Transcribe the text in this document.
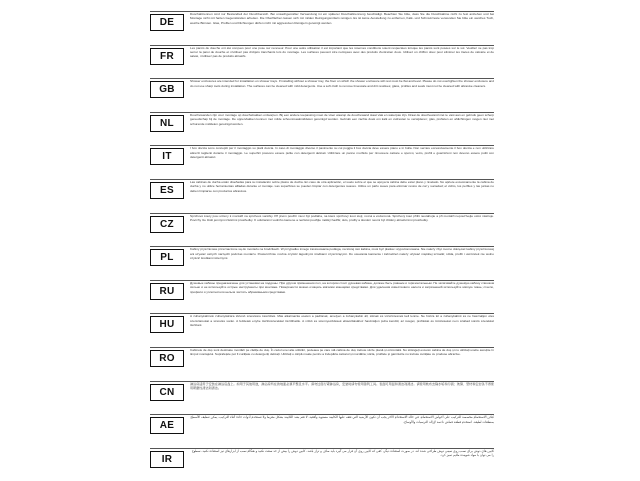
DE
Duschabtrennen sind nur Bestandteil der Duschbereich. Bei unsachgemäßer Verwendung ist ein späterer Duschabtrennung beschädigt. Beachten Sie bitte, dass Sie die Duschkabine nicht zu fest anziehen und bei Montage nicht mit harten Gegenständen arbeiten. Die Oberflächen lassen sich mit milden Reinigungsmitteln reinigen. Es ist keine Ausstellung zu entfernen, Kalk- und Schmutzreste verwenden Sie bitte ein weiches Tuch, weiche Bürsten. Glas, Profilen und Dichtungen dürfen nicht mit aggressiven Reinigern gereinigt werden.
FR
Les parois de douche ont été conçues pour une pose sur receveur. Pour une autre utilisation il est important que les réserves conditions soient respectées lorsque les parois sont posées sur le sol. Veuillez ne pas trop serrer la paroi de douche et n'utilisez pas d'objets tranchants lors du montage. Les surfaces peuvent être nettoyées avec des produits d'entretien doux. Utilisez un chiffon doux pour éliminer les traces de calcaire et de saleté, n'utilisez pas de produits abrasifs.
GB
Shower enclosures are intended for installation on shower trays. If installing without a shower tray, the floor on which the shower enclosure will rest must be flat and level. Please do not overtighten the shower enclosure and do not use sharp tools during installation. The surfaces can be cleaned with mild detergents. Use a soft cloth to remove limescale and dirt residues; glass, profiles and seals must not be cleaned with abrasive cleaners.
NL
Douchewanden zijn voor montage op douchebakken ontworpen. Bij een andere toepassing moet de vloer waarop de douchewand staat vlak en waterpas zijn. Draai de douchewand niet te vast aan en gebruik geen scherp gereedschap bij de montage. De oppervlakken kunnen met milde schoonmaakmiddelen gereinigd worden. Gebruik een zachte doek om kalk en vuilresten te verwijderen; glas, profielen en afdichtingen mogen niet met schurende middelen gereinigd worden.
IT
I box doccia sono concepiti per il montaggio su piatti doccia. In caso di montaggio diverso il pavimento su cui poggia il box doccia deve essere piano e in bolla. Non serrare eccessivamente il box doccia e non utilizzare attrezzi taglienti durante il montaggio. Le superfici possono essere pulite con detergenti delicati. Utilizzare un panno morbido per rimuovere calcare e sporco; vetro, profili e guarnizioni non devono essere puliti con detergenti abrasivi.
ES
Las cabinas de ducha están diseñadas para su instalación sobre platos de ducha. En caso de otra aplicación, el suelo sobre el que se apoya la cabina debe estar plano y nivelado. No apriete excesivamente la cabina de ducha y no utilice herramientas afiladas durante el montaje. Las superficies se pueden limpiar con detergentes suaves. Utilice un paño suave para eliminar restos de cal y suciedad; el vidrio, los perfiles y las juntas no deben limpiarse con productos abrasivos.
CZ
Sprchové kouty jsou určeny k montáži na sprchové vaničky. Při jiném použití musí být podlaha, na které sprchový kout stojí, rovná a vodorovná. Sprchový kout příliš neutahujte a při montáži nepoužívejte ostré nástroje. Povrchy lze čistit jemnými čisticími prostředky. K odstranění vodního kamene a nečistot použijte měkký hadřík; sklo, profily a těsnění nesmí být čištěny abrazivními prostředky.
PL
Kabiny prysznicowe przeznaczone są do montażu na brodzikach. W przypadku innego zastosowania podłoga, na której stoi kabina, musi być płaska i wypoziomowana. Nie należy zbyt mocno dokręcać kabiny prysznicowej ani używać ostrych narzędzi podczas montażu. Powierzchnie można czyścić łagodnymi środkami czyszczącymi. Do usuwania kamienia i zabrudzeń należy używać miękkiej szmatki; szkła, profili i uszczelek nie wolno czyścić środkami ściernymi.
RU
Душевые кабины предназначены для установки на поддоны. При другом применении пол, на котором стоит душевая кабина, должен быть ровным и горизонтальным. Не затягивайте душевую кабину слишком сильно и не используйте острые инструменты при монтаже. Поверхности можно очищать мягкими моющими средствами. Для удаления известкового налета и загрязнений используйте мягкую ткань; стекло, профили и уплотнители нельзя чистить абразивными средствами.
HU
A zuhanykabinok zuhanytálcára történő szerelésre készültek. Más alkalmazás esetén a padlónak, amelyen a zuhanykabin áll, síknak és vízszintesnek kell lennie. Ne húzza túl a zuhanykabint és ne használjon éles szerszámokat a szerelés során. A felületek enyhe tisztítószerekkel tisztíthatók. A vízkő és szennyeződések eltávolításához használjon puha kendőt; az üveget, profilokat és tömítéseket nem szabad súroló szerekkel tisztítani.
RO
Cabinele de duș sunt destinate montării pe cădițe de duș. În cazul unei alte utilizări, podeaua pe care stă cabina de duș trebuie să fie plană și orizontală. Nu strângeți excesiv cabina de duș și nu utilizați unelte ascuțite în timpul montajului. Suprafețele pot fi curățate cu detergenți delicați. Utilizați o cârpă moale pentru a îndepărta calcarul și murdăria; sticla, profilele și garniturile nu trebuie curățate cu produse abrazive.
CN
淋浴房适用于安装在淋浴底盘上。如用于其他用途，淋浴房所在的地面必须平整且水平。请勿过度拧紧淋浴房，安装时请勿使用锋利工具。表面可用温和清洁剂清洁。请使用软布去除水垢和污渍；玻璃、型材和密封条不得使用研磨性清洁剂清洁。
AE
كبائن الاستحمام مخصصة للتركيب على أحواض الاستحمام. في حالة الاستخدام الآخر يجب أن تكون الأرضية التي تقف عليها الكابينة مستوية وأفقية. لا تقم بشد الكابينة بشكل مفرط ولا تستخدم أدوات حادة أثناء التركيب. يمكن تنظيف الأسطح بمنظفات لطيفة. استخدم قطعة قماش ناعمة لإزالة الترسبات والأوساخ.
IR
کابین های دوش برای نصب روی سینی دوش طراحی شده اند. در صورت استفاده دیگر، کفی که کابین روی آن قرار می گیرد باید صاف و تراز باشد. کابین دوش را بیش از حد سفت نکنید و هنگام نصب از ابزارهای تیز استفاده نکنید. سطوح را می توان با مواد شوینده ملایم تمیز کرد.
